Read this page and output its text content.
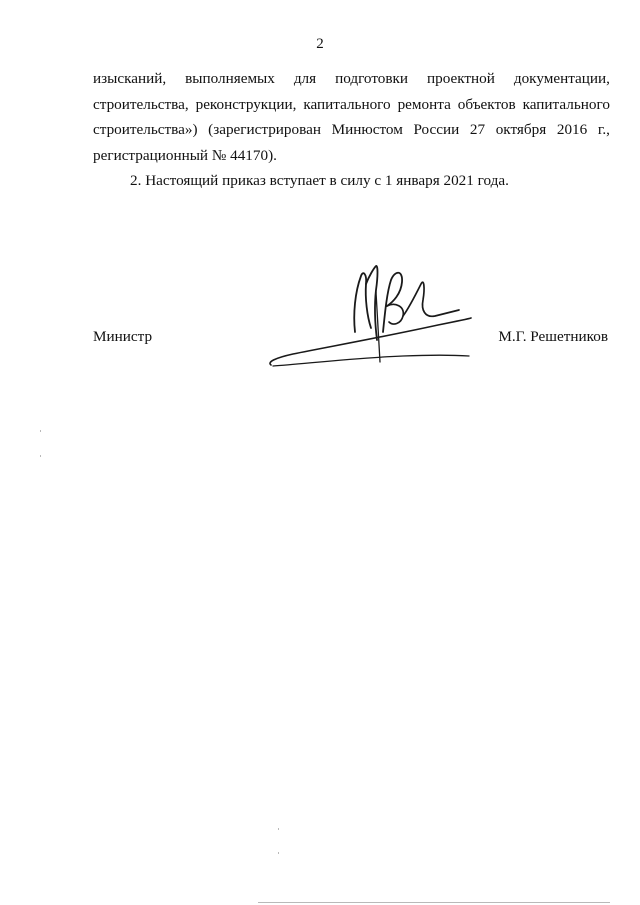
2
изысканий, выполняемых для подготовки проектной документации,
строительства, реконструкции, капитального ремонта объектов капитального
строительства») (зарегистрирован Минюстом России 27 октября 2016 г.,
регистрационный № 44170).

2. Настоящий приказ вступает в силу с 1 января 2021 года.

Министр	М.Г. Решетников
